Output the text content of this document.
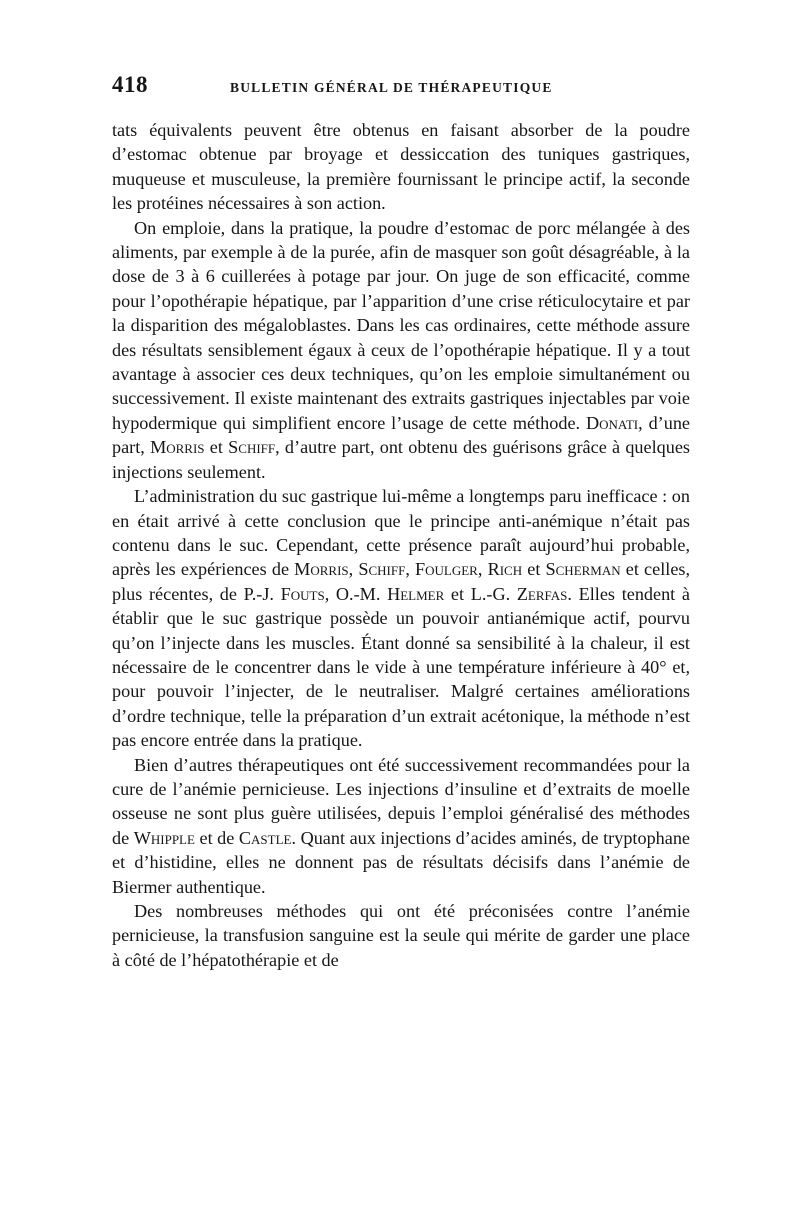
418	BULLETIN GÉNÉRAL DE THÉRAPEUTIQUE

tats équivalents peuvent être obtenus en faisant absorber de la poudre d’estomac obtenue par broyage et dessiccation des tuniques gastriques, muqueuse et musculeuse, la première fournissant le principe actif, la seconde les protéines nécessaires à son action.

On emploie, dans la pratique, la poudre d’estomac de porc mélangée à des aliments, par exemple à de la purée, afin de masquer son goût désagréable, à la dose de 3 à 6 cuillerées à potage par jour. On juge de son efficacité, comme pour l’opothérapie hépatique, par l’apparition d’une crise réticulocytaire et par la disparition des mégaloblastes. Dans les cas ordinaires, cette méthode assure des résultats sensiblement égaux à ceux de l’opothérapie hépatique. Il y a tout avantage à associer ces deux techniques, qu’on les emploie simultanément ou successivement. Il existe maintenant des extraits gastriques injectables par voie hypodermique qui simplifient encore l’usage de cette méthode. Donati, d’une part, Morris et Schiff, d’autre part, ont obtenu des guérisons grâce à quelques injections seulement.

L’administration du suc gastrique lui-même a longtemps paru inefficace : on en était arrivé à cette conclusion que le principe anti-anémique n’était pas contenu dans le suc. Cependant, cette présence paraît aujourd’hui probable, après les expériences de Morris, Schiff, Foulger, Rich et Scherman et celles, plus récentes, de P.-J. Fouts, O.-M. Helmer et L.-G. Zerfas. Elles tendent à établir que le suc gastrique possède un pouvoir antianémique actif, pourvu qu’on l’injecte dans les muscles. Étant donné sa sensibilité à la chaleur, il est nécessaire de le concentrer dans le vide à une température inférieure à 40° et, pour pouvoir l’injecter, de le neutraliser. Malgré certaines améliorations d’ordre technique, telle la préparation d’un extrait acétonique, la méthode n’est pas encore entrée dans la pratique.

Bien d’autres thérapeutiques ont été successivement recommandées pour la cure de l’anémie pernicieuse. Les injections d’insuline et d’extraits de moelle osseuse ne sont plus guère utilisées, depuis l’emploi généralisé des méthodes de Whipple et de Castle. Quant aux injections d’acides aminés, de tryptophane et d’histidine, elles ne donnent pas de résultats décisifs dans l’anémie de Biermer authentique.

Des nombreuses méthodes qui ont été préconisées contre l’anémie pernicieuse, la transfusion sanguine est la seule qui mérite de garder une place à côté de l’hépatothérapie et de
